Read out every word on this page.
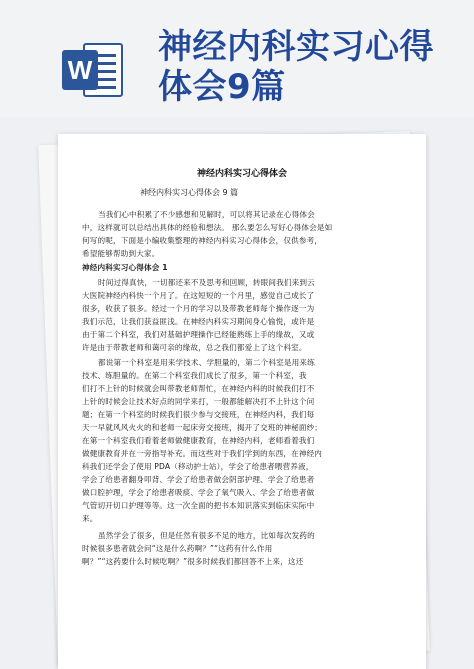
W
神经内科实习心得
体会9篇
神经内科实习心得体会
神经内科实习心得体会 9 篇
当我们心中积累了不少感想和见解时，可以将其记录在心得体会
中，这样就可以总结出具体的经验和想法。 那么要怎么写好心得体会是如
何写的呢，下面是小编收集整理的神经内科实习心得体会，仅供参考，
希望能够帮助到大家。
神经内科实习心得体会 1
时间过得真快，一切都还来不及思考和回顾，转眼间我们来到云
大医院神经内科快一个月了。在这短短的一个月里，感觉自己成长了
很多，收获了很多。经过一个月的学习以及带教老师每个操作逐一为
我们示范，让我们获益匪浅。在神经内科实习期间身心愉悦，或许是
由于第二个科室，我们对基础护理操作已经能熟练上手的缘故，又或
许是由于带教老师和蔼可亲的缘故，总之我们都爱上了这个科室。
都说第一个科室是用来学技术、学胆量的，第二个科室是用来练
技术、练胆量的。在第二个科室我们成长了很多，第一个科室，我
们打不上针的时候就会叫带教老师帮忙，在神经内科的时候我们打不
上针的时候会让技术好点的同学来打，一般都能解决打不上针这个问
题；在第一个科室的时候我们很少参与交接班，在神经内科，我们每
天一早就风风火火的和老师一起床旁交接班，揭开了交班的神秘面纱；
在第一个科室我们看着老师做健康教育，在神经内科，老师看着我们
做健康教育并在一旁指导补充。而这些对于我们学到的东西，在神经内
科我们还学会了使用 PDA（移动护士站），学会了给患者喂营养液，
学会了给患者翻身叩背、学会了给患者做会阴部护理、学会了给患者
做口腔护理，学会了给患者吸痰、学会了氧气吸入、学会了给患者做
气管切开切口护理等等。这一次全面的把书本知识落实到临床实际中
来。
虽然学会了很多，但是任然有很多不足的地方，比如每次发药的
时候很多患者就会问“这是什么药啊？”“这药有什么作用
啊？”“这药要什么时候吃啊？”很多时候我们都回答不上来，这还
